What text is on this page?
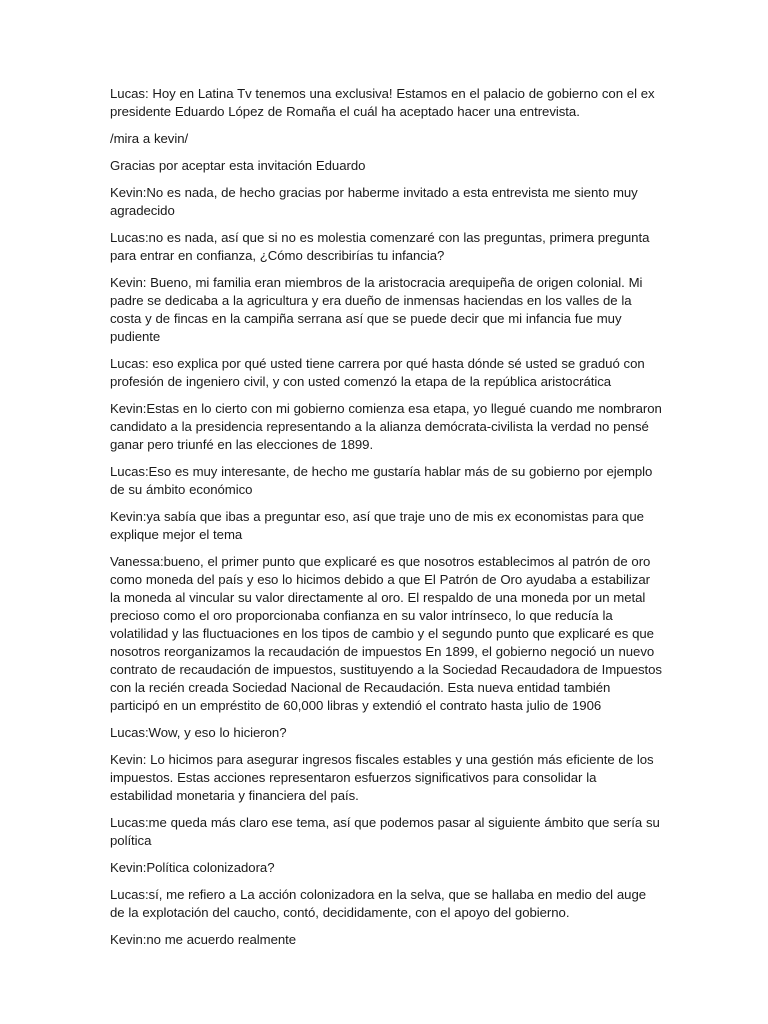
Lucas: Hoy en Latina Tv tenemos una exclusiva! Estamos en el palacio de gobierno con el ex presidente Eduardo López de Romaña el cuál ha aceptado hacer una entrevista.

/mira a kevin/

Gracias por aceptar esta invitación Eduardo

Kevin:No es nada, de hecho gracias por haberme invitado a esta entrevista me siento muy agradecido

Lucas:no es nada, así que si no es molestia comenzaré con las preguntas, primera pregunta para entrar en confianza, ¿Cómo describirías tu infancia?

Kevin: Bueno, mi familia eran miembros de la aristocracia arequipeña de origen colonial. Mi padre se dedicaba a la agricultura y era dueño de inmensas haciendas en los valles de la costa y de fincas en la campiña serrana así que se puede decir que mi infancia fue muy pudiente

Lucas: eso explica por qué usted tiene carrera por qué hasta dónde sé usted se graduó con profesión de ingeniero civil, y con usted comenzó la etapa de la república aristocrática

Kevin:Estas en lo cierto con mi gobierno comienza esa etapa, yo llegué cuando me nombraron candidato a la presidencia representando a la alianza demócrata-civilista la verdad no pensé ganar pero triunfé en las elecciones de 1899.

Lucas:Eso es muy interesante, de hecho me gustaría hablar más de su gobierno por ejemplo de su ámbito económico

Kevin:ya sabía que ibas a preguntar eso, así que traje uno de mis ex economistas para que explique mejor el tema

Vanessa:bueno, el primer punto que explicaré es que nosotros establecimos al patrón de oro como moneda del país y eso lo hicimos debido a que El Patrón de Oro ayudaba a estabilizar la moneda al vincular su valor directamente al oro. El respaldo de una moneda por un metal precioso como el oro proporcionaba confianza en su valor intrínseco, lo que reducía la volatilidad y las fluctuaciones en los tipos de cambio y el segundo punto que explicaré es que nosotros reorganizamos la recaudación de impuestos En 1899, el gobierno negoció un nuevo contrato de recaudación de impuestos, sustituyendo a la Sociedad Recaudadora de Impuestos con la recién creada Sociedad Nacional de Recaudación. Esta nueva entidad también participó en un empréstito de 60,000 libras y extendió el contrato hasta julio de 1906

Lucas:Wow, y eso lo hicieron?

Kevin: Lo hicimos para asegurar ingresos fiscales estables y una gestión más eficiente de los impuestos. Estas acciones representaron esfuerzos significativos para consolidar la estabilidad monetaria y financiera del país.

Lucas:me queda más claro ese tema, así que podemos pasar al siguiente ámbito que sería su política

Kevin:Política colonizadora?

Lucas:sí, me refiero a La acción colonizadora en la selva, que se hallaba en medio del auge de la explotación del caucho, contó, decididamente, con el apoyo del gobierno.

Kevin:no me acuerdo realmente
